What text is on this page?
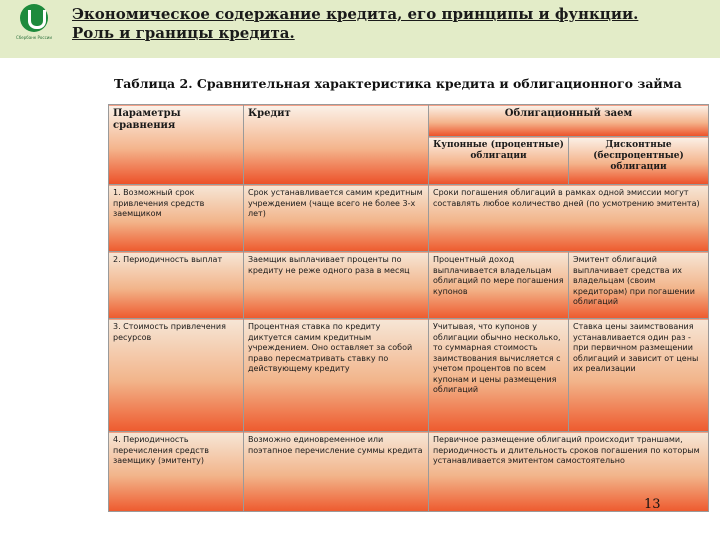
Сбербанк России
Экономическое содержание кредита, его принципы и функции.
Роль и границы кредита.
Таблица 2. Сравнительная характеристика кредита и облигационного займа
Параметры сравнения	Кредит	Облигационный заем	
		Купонные (процентные) облигации	Дисконтные (беспроцентные) облигации
1. Возможный срок привлечения средств заемщиком	Срок устанавливается самим кредитным учреждением (чаще всего не более 3-х лет)	Сроки погашения облигаций в рамках одной эмиссии могут составлять любое количество дней (по усмотрению эмитента)	
2. Периодичность выплат	Заемщик выплачивает проценты по кредиту не реже одного раза в месяц	Процентный доход выплачивается владельцам облигаций по мере погашения купонов	Эмитент облигаций выплачивает средства их владельцам (своим кредиторам) при погашении облигаций
3. Стоимость привлечения ресурсов	Процентная ставка по кредиту диктуется самим кредитным учреждением. Оно оставляет за собой право пересматривать ставку по действующему кредиту	Учитывая, что купонов у облигации обычно несколько, то суммарная стоимость заимствования вычисляется с учетом процентов по всем купонам и цены размещения облигаций	Ставка цены заимствования устанавливается один раз - при первичном размещении облигаций и зависит от цены их реализации
4. Периодичность перечисления средств заемщику (эмитенту)	Возможно единовременное или поэтапное перечисление суммы кредита	Первичное размещение облигаций происходит траншами, периодичность и длительность сроков погашения по которым устанавливается эмитентом самостоятельно	
13
